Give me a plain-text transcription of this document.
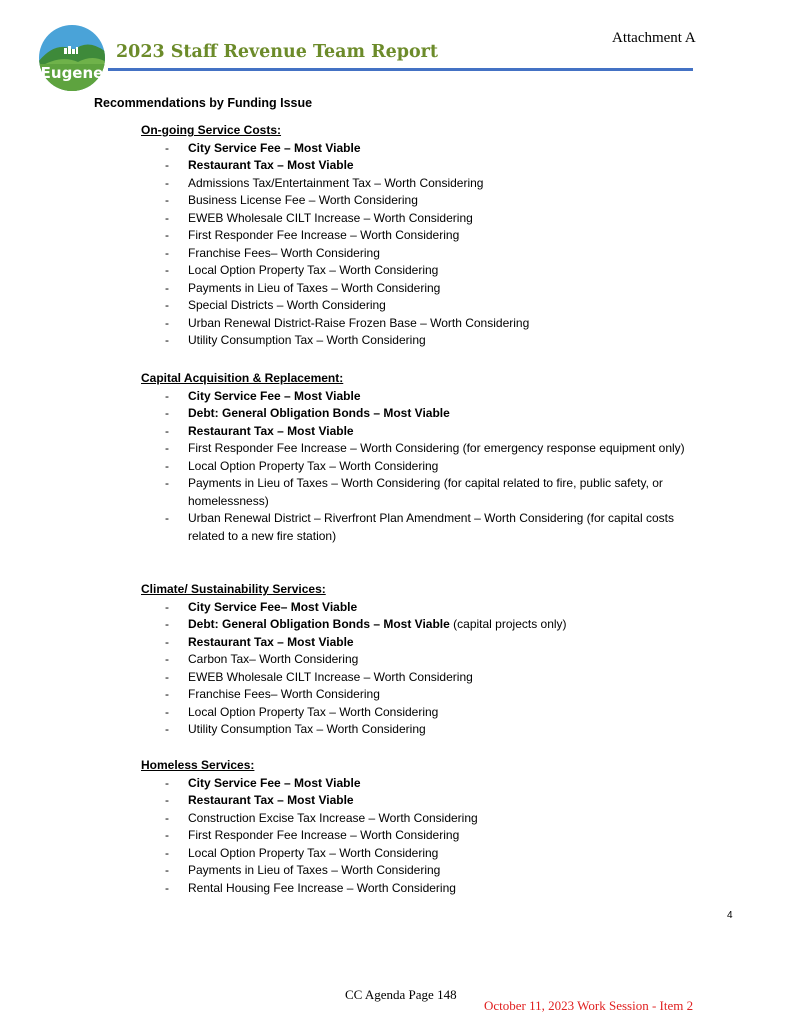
Eugene
2023 Staff Revenue Team Report
Attachment A
Recommendations by Funding Issue
On-going Service Costs:
- City Service Fee – Most Viable
- Restaurant Tax – Most Viable
- Admissions Tax/Entertainment Tax – Worth Considering
- Business License Fee – Worth Considering
- EWEB Wholesale CILT Increase – Worth Considering
- First Responder Fee Increase – Worth Considering
- Franchise Fees– Worth Considering
- Local Option Property Tax – Worth Considering
- Payments in Lieu of Taxes – Worth Considering
- Special Districts – Worth Considering
- Urban Renewal District-Raise Frozen Base – Worth Considering
- Utility Consumption Tax – Worth Considering
Capital Acquisition & Replacement:
- City Service Fee – Most Viable
- Debt: General Obligation Bonds – Most Viable
- Restaurant Tax – Most Viable
- First Responder Fee Increase – Worth Considering (for emergency response equipment only)
- Local Option Property Tax – Worth Considering
- Payments in Lieu of Taxes – Worth Considering (for capital related to fire, public safety, or homelessness)
- Urban Renewal District – Riverfront Plan Amendment – Worth Considering (for capital costs related to a new fire station)
Climate/ Sustainability Services:
- City Service Fee– Most Viable
- Debt: General Obligation Bonds – Most Viable (capital projects only)
- Restaurant Tax – Most Viable
- Carbon Tax– Worth Considering
- EWEB Wholesale CILT Increase – Worth Considering
- Franchise Fees– Worth Considering
- Local Option Property Tax – Worth Considering
- Utility Consumption Tax – Worth Considering
Homeless Services:
- City Service Fee – Most Viable
- Restaurant Tax – Most Viable
- Construction Excise Tax Increase – Worth Considering
- First Responder Fee Increase – Worth Considering
- Local Option Property Tax – Worth Considering
- Payments in Lieu of Taxes – Worth Considering
- Rental Housing Fee Increase – Worth Considering
4
CC Agenda Page 148
October 11, 2023 Work Session - Item 2
